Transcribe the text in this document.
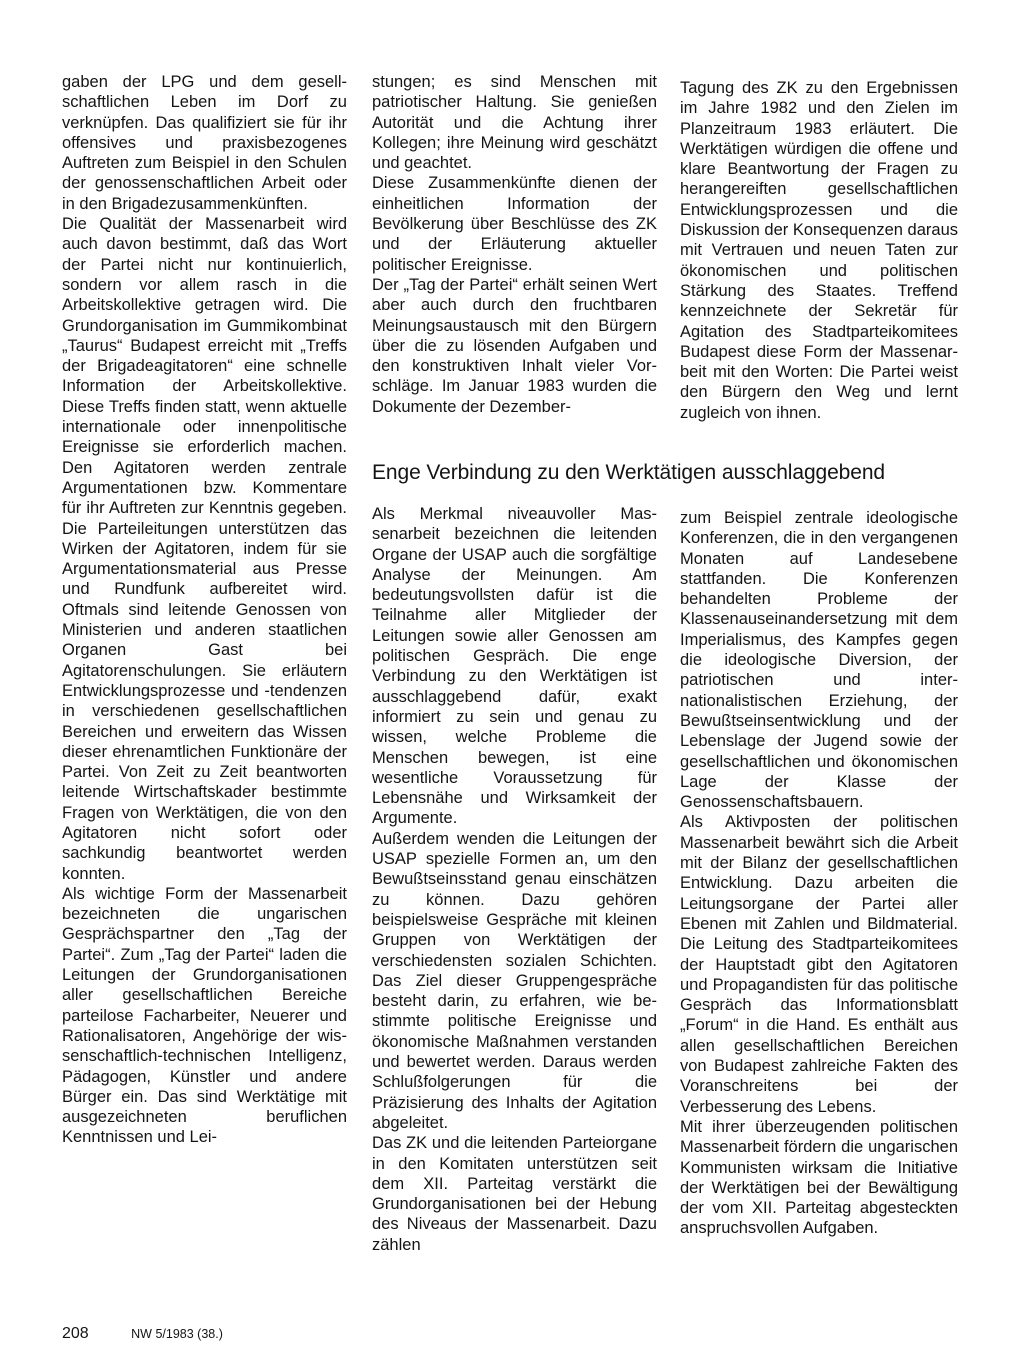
gaben der LPG und dem gesellschaftlichen Leben im Dorf zu verknüpfen. Das qualifiziert sie für ihr offensives und praxisbezogenes Auftreten zum Beispiel in den Schulen der genossenschaftlichen Arbeit oder in den Brigadezusammenkünften.

Die Qualität der Massenarbeit wird auch davon bestimmt, daß das Wort der Partei nicht nur kontinuierlich, sondern vor allem rasch in die Arbeitskollektive getragen wird. Die Grundorganisation im Gummikombinat „Taurus“ Budapest erreicht mit „Treffs der Brigadeagitatoren“ eine schnelle Information der Arbeitskollektive. Diese Treffs finden statt, wenn aktuelle internationale oder innenpolitische Ereignisse sie erforderlich machen. Den Agitatoren werden zentrale Argumentationen bzw. Kommentare für ihr Auftreten zur Kenntnis gegeben. Die Parteileitungen unterstützen das Wirken der Agitatoren, indem für sie Argumentationsmaterial aus Presse und Rundfunk aufbereitet wird. Oftmals sind leitende Genossen von Ministerien und anderen staatlichen Organen Gast bei Agitatorenschulungen. Sie erläutern Entwicklungsprozesse und -tendenzen in verschiedenen gesellschaftlichen Bereichen und erweitern das Wissen dieser ehrenamtlichen Funktionäre der Partei. Von Zeit zu Zeit beantworten leitende Wirtschaftskader bestimmte Fragen von Werktätigen, die von den Agitatoren nicht sofort oder sachkundig beantwortet werden konnten.

Als wichtige Form der Massenarbeit bezeichneten die ungarischen Gesprächspartner den „Tag der Partei“. Zum „Tag der Partei“ laden die Leitungen der Grundorganisationen aller gesellschaftlichen Bereiche parteilose Facharbeiter, Neuerer und Rationalisatoren, Angehörige der wissenschaftlich-technischen Intelligenz, Pädagogen, Künstler und andere Bürger ein. Das sind Werktätige mit ausgezeichneten beruflichen Kenntnissen und Lei-

stungen; es sind Menschen mit patriotischer Haltung. Sie genießen Autorität und die Achtung ihrer Kollegen; ihre Meinung wird geschätzt und geachtet.

Diese Zusammenkünfte dienen der einheitlichen Information der Bevölkerung über Beschlüsse des ZK und der Erläuterung aktueller politischer Ereignisse.

Der „Tag der Partei“ erhält seinen Wert aber auch durch den fruchtbaren Meinungsaustausch mit den Bürgern über die zu lösenden Aufgaben und den konstruktiven Inhalt vieler Vorschläge. Im Januar 1983 wurden die Dokumente der Dezember-

Tagung des ZK zu den Ergebnissen im Jahre 1982 und den Zielen im Planzeitraum 1983 erläutert. Die Werktätigen würdigen die offene und klare Beantwortung der Fragen zu herangereiften gesellschaftlichen Entwicklungsprozessen und die Diskussion der Konsequenzen daraus mit Vertrauen und neuen Taten zur ökonomischen und politischen Stärkung des Staates. Treffend kennzeichnete der Sekretär für Agitation des Stadtparteikomitees Budapest diese Form der Massenarbeit mit den Worten: Die Partei weist den Bürgern den Weg und lernt zugleich von ihnen.

Enge Verbindung zu den Werktätigen ausschlaggebend

Als Merkmal niveauvoller Massenarbeit bezeichnen die leitenden Organe der USAP auch die sorgfältige Analyse der Meinungen. Am bedeutungsvollsten dafür ist die Teilnahme aller Mitglieder der Leitungen sowie aller Genossen am politischen Gespräch. Die enge Verbindung zu den Werktätigen ist ausschlaggebend dafür, exakt informiert zu sein und genau zu wissen, welche Probleme die Menschen bewegen, ist eine wesentliche Voraussetzung für Lebensnähe und Wirksamkeit der Argumente.

Außerdem wenden die Leitungen der USAP spezielle Formen an, um den Bewußtseinsstand genau einschätzen zu können. Dazu gehören beispielsweise Gespräche mit kleinen Gruppen von Werktätigen der verschiedensten sozialen Schichten. Das Ziel dieser Gruppengespräche besteht darin, zu erfahren, wie bestimmte politische Ereignisse und ökonomische Maßnahmen verstanden und bewertet werden. Daraus werden Schlußfolgerungen für die Präzisierung des Inhalts der Agitation abgeleitet.

Das ZK und die leitenden Parteiorgane in den Komitaten unterstützen seit dem XII. Parteitag verstärkt die Grundorganisationen bei der Hebung des Niveaus der Massenarbeit. Dazu zählen

zum Beispiel zentrale ideologische Konferenzen, die in den vergangenen Monaten auf Landesebene stattfanden. Die Konferenzen behandelten Probleme der Klassenauseinandersetzung mit dem Imperialismus, des Kampfes gegen die ideologische Diversion, der patriotischen und internationalistischen Erziehung, der Bewußtseinsentwicklung und der Lebenslage der Jugend sowie der gesellschaftlichen und ökonomischen Lage der Klasse der Genossenschaftsbauern.

Als Aktivposten der politischen Massenarbeit bewährt sich die Arbeit mit der Bilanz der gesellschaftlichen Entwicklung. Dazu arbeiten die Leitungsorgane der Partei aller Ebenen mit Zahlen und Bildmaterial. Die Leitung des Stadtparteikomitees der Hauptstadt gibt den Agitatoren und Propagandisten für das politische Gespräch das Informationsblatt „Forum“ in die Hand. Es enthält aus allen gesellschaftlichen Bereichen von Budapest zahlreiche Fakten des Voranschreitens bei der Verbesserung des Lebens.

Mit ihrer überzeugenden politischen Massenarbeit fördern die ungarischen Kommunisten wirksam die Initiative der Werktätigen bei der Bewältigung der vom XII. Parteitag abgesteckten anspruchsvollen Aufgaben.

208	NW 5/1983 (38.)
